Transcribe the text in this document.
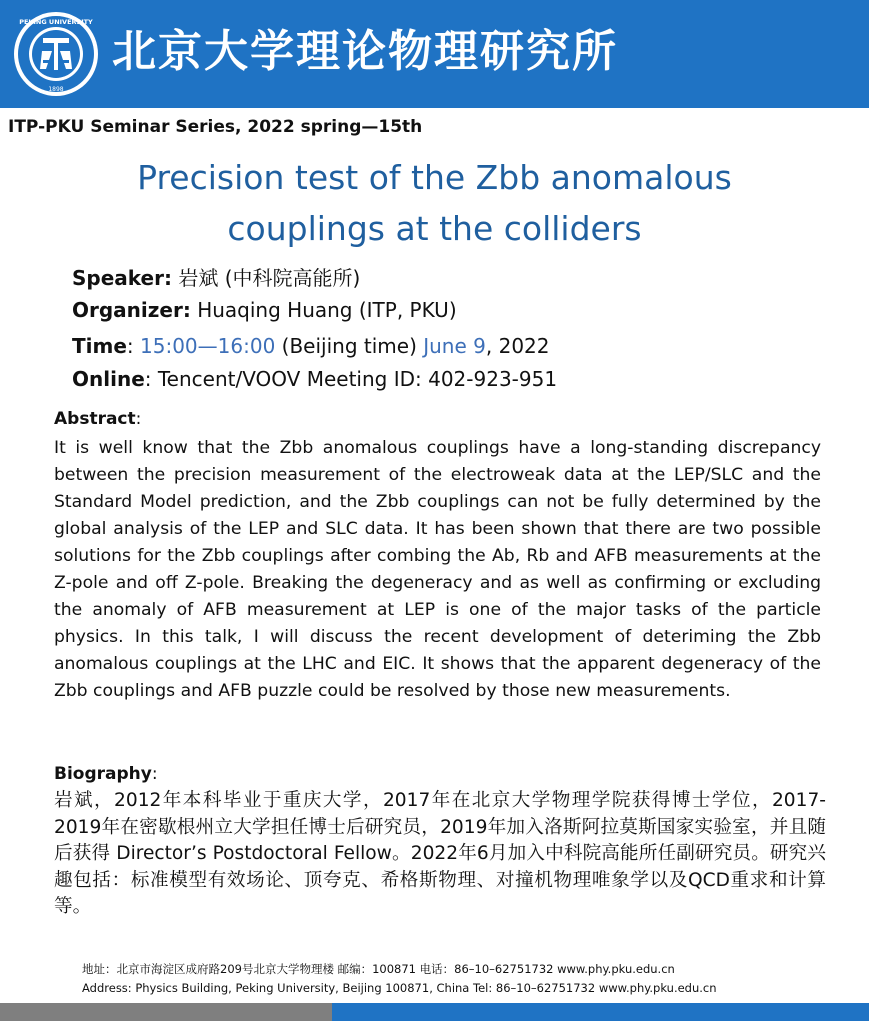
PEKING UNIVERSITY
1898
北京大学理论物理研究所
ITP-PKU Seminar Series, 2022 spring—15th
Precision test of the Zbb anomalous
couplings at the colliders
Speaker: 岩斌 (中科院高能所)
Organizer: Huaqing Huang (ITP, PKU)
Time: 15:00—16:00 (Beijing time) June 9, 2022
Online: Tencent/VOOV Meeting ID: 402-923-951
Abstract:
It is well know that the Zbb anomalous couplings have a long-standing discrepancy between the precision measurement of the electroweak data at the LEP/SLC and the Standard Model prediction, and the Zbb couplings can not be fully determined by the global analysis of the LEP and SLC data. It has been shown that there are two possible solutions for the Zbb couplings after combing the Ab, Rb and AFB measurements at the Z-pole and off Z-pole. Breaking the degeneracy and as well as confirming or excluding the anomaly of AFB measurement at LEP is one of the major tasks of the particle physics. In this talk, I will discuss the recent development of deteriming the Zbb anomalous couplings at the LHC and EIC. It shows that the apparent degeneracy of the Zbb couplings and AFB puzzle could be resolved by those new measurements.
Biography:
岩斌，2012年本科毕业于重庆大学，2017年在北京大学物理学院获得博士学位，2017-2019年在密歇根州立大学担任博士后研究员，2019年加入洛斯阿拉莫斯国家实验室，并且随后获得 Director’s Postdoctoral Fellow。2022年6月加入中科院高能所任副研究员。研究兴趣包括：标准模型有效场论、顶夸克、希格斯物理、对撞机物理唯象学以及QCD重求和计算等。
地址：北京市海淀区成府路209号北京大学物理楼 邮编：100871 电话：86–10–62751732 www.phy.pku.edu.cn
Address: Physics Building, Peking University, Beijing 100871, China Tel: 86–10–62751732 www.phy.pku.edu.cn
